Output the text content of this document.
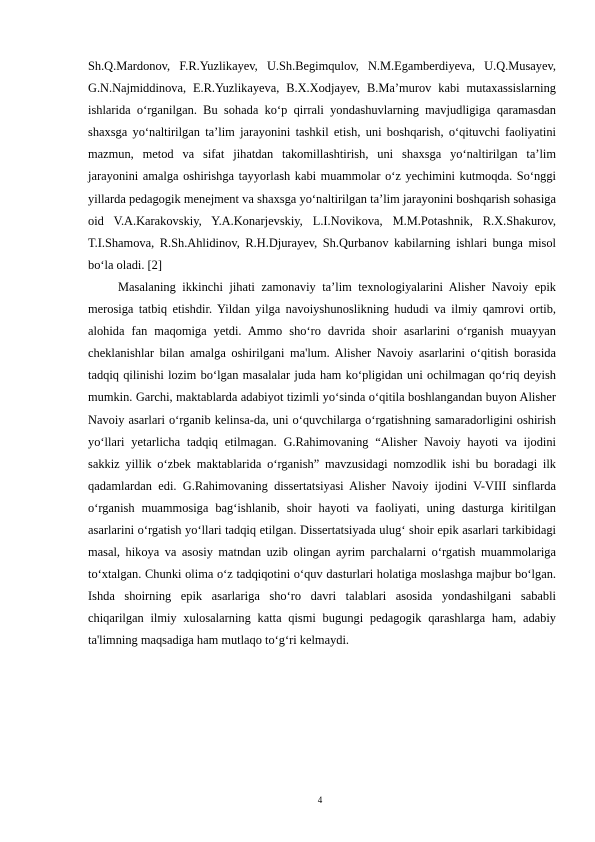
Sh.Q.Mardonov, F.R.Yuzlikayev, U.Sh.Begimqulov, N.M.Egamberdiyeva, U.Q.Musayev, G.N.Najmiddinova, E.R.Yuzlikayeva, B.X.Xodjayev, B.Ma’murov kabi mutaxassislarning ishlarida o‘rganilgan. Bu sohada ko‘p qirrali yondashuvlarning mavjudligiga qaramasdan shaxsga yo‘naltirilgan ta’lim jarayonini tashkil etish, uni boshqarish, o‘qituvchi faoliyatini mazmun, metod va sifat jihatdan takomillashtirish, uni shaxsga yo‘naltirilgan ta’lim jarayonini amalga oshirishga tayyorlash kabi muammolar o‘z yechimini kutmoqda. So‘nggi yillarda pedagogik menejment va shaxsga yo‘naltirilgan ta’lim jarayonini boshqarish sohasiga oid V.A.Karakovskiy, Y.A.Konarjevskiy, L.I.Novikova, M.M.Potashnik, R.X.Shakurov, T.I.Shamova, R.Sh.Ahlidinov, R.H.Djurayev, Sh.Qurbanov kabilarning ishlari bunga misol bo‘la oladi. [2]

Masalaning ikkinchi jihati zamonaviy ta’lim texnologiyalarini Alisher Navoiy epik merosiga tatbiq etishdir. Yildan yilga navoiyshunoslikning hududi va ilmiy qamrovi ortib, alohida fan maqomiga yetdi. Ammo sho‘ro davrida shoir asarlarini o‘rganish muayyan cheklanishlar bilan amalga oshirilgani ma'lum. Alisher Navoiy asarlarini o‘qitish borasida tadqiq qilinishi lozim bo‘lgan masalalar juda ham ko‘pligidan uni ochilmagan qo‘riq deyish mumkin. Garchi, maktablarda adabiyot tizimli yo‘sinda o‘qitila boshlangandan buyon Alisher Navoiy asarlari o‘rganib kelinsa-da, uni o‘quvchilarga o‘rgatishning samaradorligini oshirish yo‘llari yetarlicha tadqiq etilmagan. G.Rahimovaning “Alisher Navoiy hayoti va ijodini sakkiz yillik o‘zbek maktablarida o‘rganish” mavzusidagi nomzodlik ishi bu boradagi ilk qadamlardan edi. G.Rahimovaning dissertatsiyasi Alisher Navoiy ijodini V-VIII sinflarda o‘rganish muammosiga bag‘ishlanib, shoir hayoti va faoliyati, uning dasturga kiritilgan asarlarini o‘rgatish yo‘llari tadqiq etilgan. Dissertatsiyada ulug‘ shoir epik asarlari tarkibidagi masal, hikoya va asosiy matndan uzib olingan ayrim parchalarni o‘rgatish muammolariga to‘xtalgan. Chunki olima o‘z tadqiqotini o‘quv dasturlari holatiga moslashga majbur bo‘lgan. Ishda shoirning epik asarlariga sho‘ro davri talablari asosida yondashilgani sababli chiqarilgan ilmiy xulosalarning katta qismi bugungi pedagogik qarashlarga ham, adabiy ta'limning maqsadiga ham mutlaqo to‘g‘ri kelmaydi.

4
